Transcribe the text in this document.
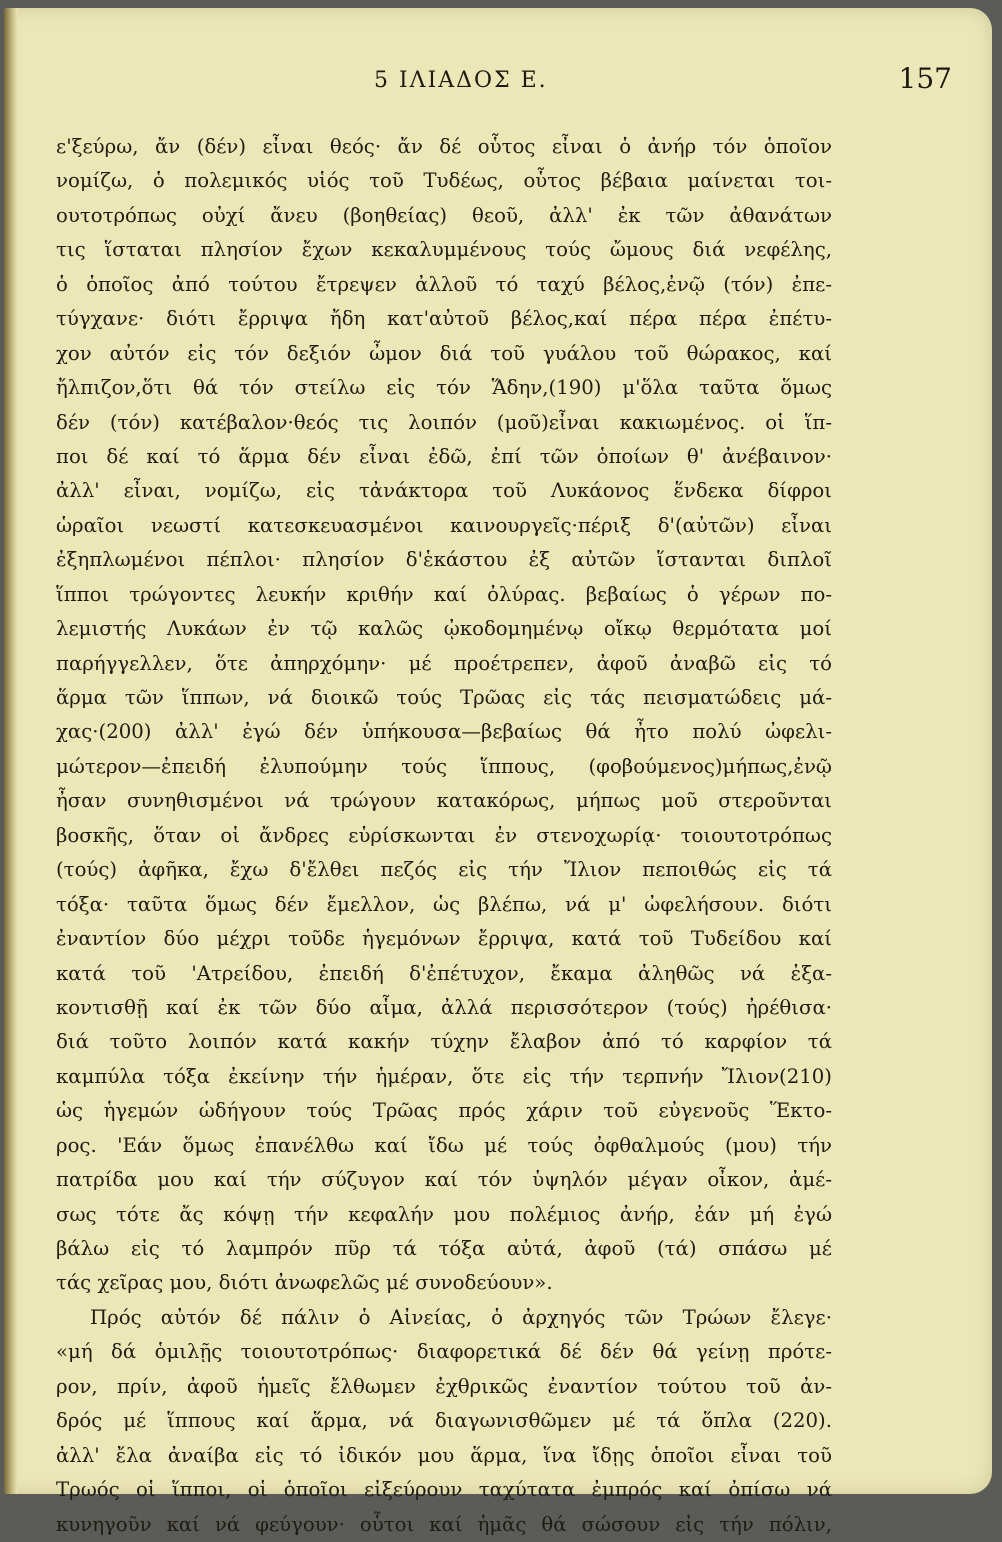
5 ΙΛΙΑΔΟΣ Ε.	157
ε'ξεύρω, ἄν (δέν) εἶναι θεός· ἄν δέ οὗτος εἶναι ὁ ἀνήρ τόν ὁποῖον
νομίζω, ὁ πολεμικός υἱός τοῦ Τυδέως, οὗτος βέβαια μαίνεται τοι-
ουτοτρόπως οὐχί ἄνευ (βοηθείας) θεοῦ, ἀλλ' ἐκ τῶν ἀθανάτων
τις ἵσταται πλησίον ἔχων κεκαλυμμένους τούς ὤμους διά νεφέλης,
ὁ ὁποῖος ἀπό τούτου ἔτρεψεν ἀλλοῦ τό ταχύ βέλος,ἐνῷ (τόν) ἐπε-
τύγχανε· διότι ἔρριψα ἤδη κατ'αὐτοῦ βέλος,καί πέρα πέρα ἐπέτυ-
χον αὐτόν εἰς τόν δεξιόν ὦμον διά τοῦ γυάλου τοῦ θώρακος, καί
ἤλπιζον,ὅτι θά τόν στείλω εἰς τόν Ἅδην,(190) μ'ὅλα ταῦτα ὅμως
δέν (τόν) κατέβαλον·θεός τις λοιπόν (μοῦ)εἶναι κακιωμένος. οἱ ἵπ-
ποι δέ καί τό ἅρμα δέν εἶναι ἐδῶ, ἐπί τῶν ὁποίων θ' ἀνέβαινον·
ἀλλ' εἶναι, νομίζω, εἰς τἀνάκτορα τοῦ Λυκάονος ἕνδεκα δίφροι
ὡραῖοι νεωστί κατεσκευασμένοι καινουργεῖς·πέριξ δ'(αὐτῶν) εἶναι
ἐξηπλωμένοι πέπλοι· πλησίον δ'ἑκάστου ἐξ αὐτῶν ἵστανται διπλοῖ
ἵπποι τρώγοντες λευκήν κριθήν καί ὀλύρας. βεβαίως ὁ γέρων πο-
λεμιστής Λυκάων ἐν τῷ καλῶς ᾠκοδομημένῳ οἴκῳ θερμότατα μοί
παρήγγελλεν, ὅτε ἀπηρχόμην· μέ προέτρεπεν, ἀφοῦ ἀναβῶ εἰς τό
ἅρμα τῶν ἵππων, νά διοικῶ τούς Τρῶας εἰς τάς πεισματώδεις μά-
χας·(200) ἀλλ' ἐγώ δέν ὑπήκουσα—βεβαίως θά ἦτο πολύ ὠφελι-
μώτερον—ἐπειδή ἐλυπούμην τούς ἵππους, (φοβούμενος)μήπως,ἐνῷ
ἦσαν συνηθισμένοι νά τρώγουν κατακόρως, μήπως μοῦ στεροῦνται
βοσκῆς, ὅταν οἱ ἄνδρες εὑρίσκωνται ἐν στενοχωρίᾳ· τοιουτοτρόπως
(τούς) ἀφῆκα, ἔχω δ'ἔλθει πεζός εἰς τήν Ἴλιον πεποιθώς εἰς τά
τόξα· ταῦτα ὅμως δέν ἔμελλον, ὡς βλέπω, νά μ' ὠφελήσουν. διότι
ἐναντίον δύο μέχρι τοῦδε ἡγεμόνων ἔρριψα, κατά τοῦ Τυδείδου καί
κατά τοῦ 'Ατρείδου, ἐπειδή δ'ἐπέτυχον, ἔκαμα ἀληθῶς νά ἐξα-
κοντισθῇ καί ἐκ τῶν δύο αἷμα, ἀλλά περισσότερον (τούς) ἠρέθισα·
διά τοῦτο λοιπόν κατά κακήν τύχην ἔλαβον ἀπό τό καρφίον τά
καμπύλα τόξα ἐκείνην τήν ἡμέραν, ὅτε εἰς τήν τερπνήν Ἴλιον(210)
ὡς ἡγεμών ὡδήγουν τούς Τρῶας πρός χάριν τοῦ εὐγενοῦς Ἕκτο-
ρος. 'Εάν ὅμως ἐπανέλθω καί ἴδω μέ τούς ὀφθαλμούς (μου) τήν
πατρίδα μου καί τήν σύζυγον καί τόν ὑψηλόν μέγαν οἶκον, ἀμέ-
σως τότε ἄς κόψῃ τήν κεφαλήν μου πολέμιος ἀνήρ, ἐάν μή ἐγώ
βάλω εἰς τό λαμπρόν πῦρ τά τόξα αὐτά, ἀφοῦ (τά) σπάσω μέ
τάς χεῖρας μου, διότι ἀνωφελῶς μέ συνοδεύουν».
Πρός αὐτόν δέ πάλιν ὁ Αἰνείας, ὁ ἀρχηγός τῶν Τρώων ἔλεγε·
«μή δά ὁμιλῇς τοιουτοτρόπως· διαφορετικά δέ δέν θά γείνῃ πρότε-
ρον, πρίν, ἀφοῦ ἡμεῖς ἔλθωμεν ἐχθρικῶς ἐναντίον τούτου τοῦ ἀν-
δρός μέ ἵππους καί ἅρμα, νά διαγωνισθῶμεν μέ τά ὅπλα (220).
ἀλλ' ἔλα ἀναίβα εἰς τό ἰδικόν μου ἅρμα, ἵνα ἴδῃς ὁποῖοι εἶναι τοῦ
Τρωός οἱ ἵπποι, οἱ ὁποῖοι εἰξεύρουν ταχύτατα ἐμπρός καί ὀπίσω νά
κυνηγοῦν καί νά φεύγουν· οὗτοι καί ἡμᾶς θά σώσουν εἰς τήν πόλιν,
